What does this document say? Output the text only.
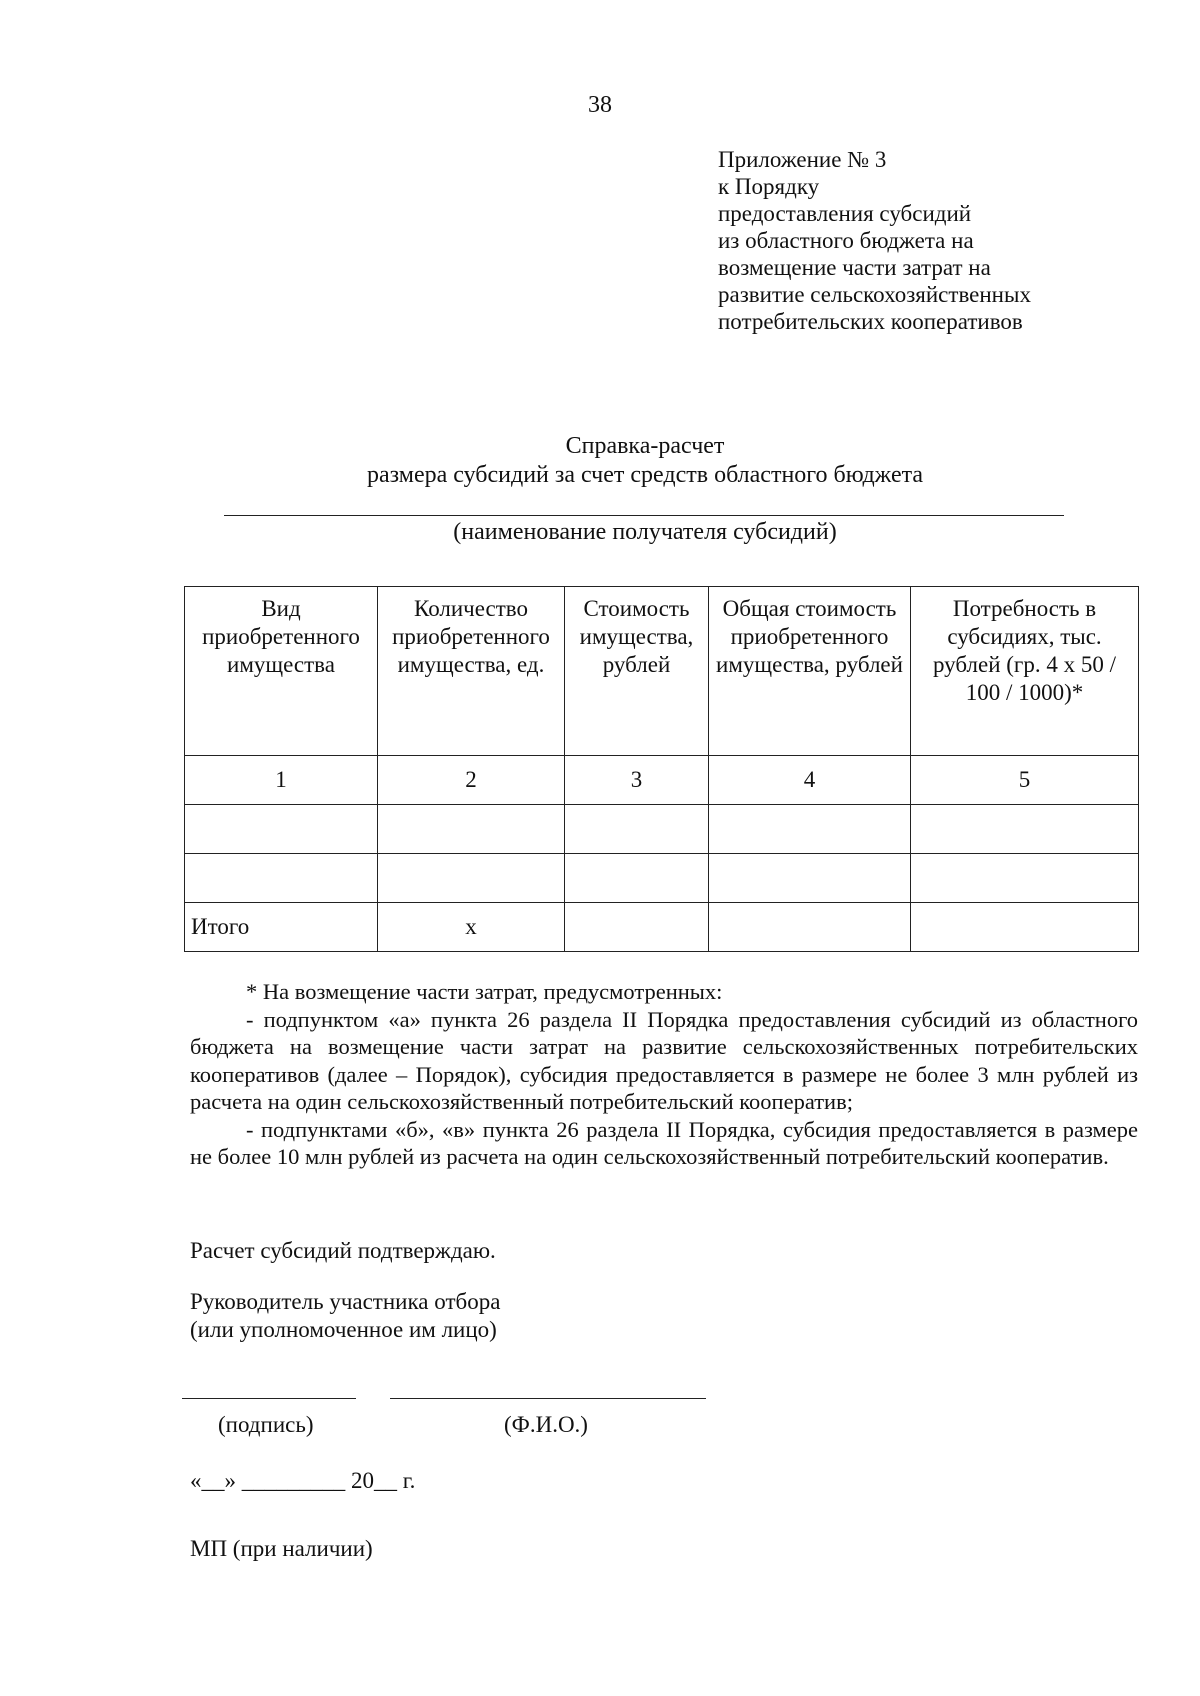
38
Приложение № 3
к Порядку
предоставления субсидий
из областного бюджета на
возмещение части затрат на
развитие сельскохозяйственных
потребительских кооперативов
Справка-расчет
размера субсидий за счет средств областного бюджета
(наименование получателя субсидий)
Вид приобретенного имущества	Количество приобретенного имущества, ед.	Стоимость имущества, рублей	Общая стоимость приобретенного имущества, рублей	Потребность в субсидиях, тыс. рублей (гр. 4 x 50 / 100 / 1000)*
1	2	3	4	5

Итого	x			

* На возмещение части затрат, предусмотренных:

- подпунктом «а» пункта 26 раздела II Порядка предоставления субсидий из областного бюджета на возмещение части затрат на развитие сельскохозяйственных потребительских кооперативов (далее – Порядок), субсидия предоставляется в размере не более 3 млн рублей из расчета на один сельскохозяйственный потребительский кооператив;

- подпунктами «б», «в» пункта 26 раздела II Порядка, субсидия предоставляется в размере не более 10 млн рублей из расчета на один сельскохозяйственный потребительский кооператив.

Расчет субсидий подтверждаю.
Руководитель участника отбора
(или уполномоченное им лицо)
(подпись)	(Ф.И.О.)
«__» _________ 20__ г.
МП (при наличии)
